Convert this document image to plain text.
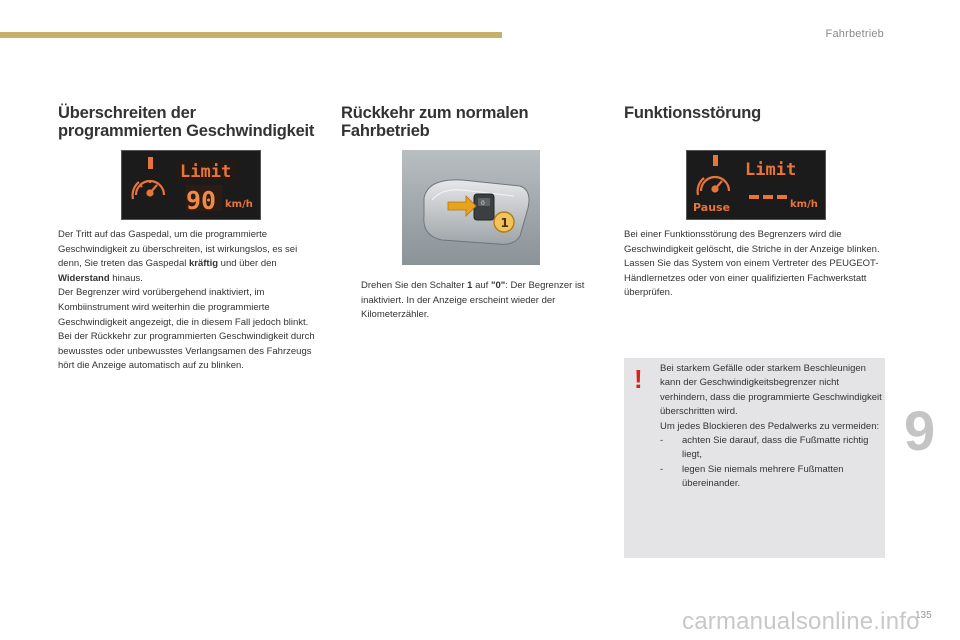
Fahrbetrieb
Überschreiten der
programmierten Geschwindigkeit
Limit
90 km/h
Der Tritt auf das Gaspedal, um die programmierte Geschwindigkeit zu überschreiten, ist wirkungslos, es sei denn, Sie treten das Gaspedal kräftig und über den Widerstand hinaus.
Der Begrenzer wird vorübergehend inaktiviert, im Kombiinstrument wird weiterhin die programmierte Geschwindigkeit angezeigt, die in diesem Fall jedoch blinkt.
Bei der Rückkehr zur programmierten Geschwindigkeit durch bewusstes oder unbewusstes Verlangsamen des Fahrzeugs hört die Anzeige automatisch auf zu blinken.
Rückkehr zum normalen
Fahrbetrieb
0
1
Drehen Sie den Schalter 1 auf "0": Der Begrenzer ist inaktiviert. In der Anzeige erscheint wieder der Kilometerzähler.
Funktionsstörung
Limit
Pause	km/h
Bei einer Funktionsstörung des Begrenzers wird die Geschwindigkeit gelöscht, die Striche in der Anzeige blinken.
Lassen Sie das System von einem Vertreter des PEUGEOT-Händlernetzes oder von einer qualifizierten Fachwerkstatt überprüfen.
! Bei starkem Gefälle oder starkem Beschleunigen kann der Geschwindigkeitsbegrenzer nicht verhindern, dass die programmierte Geschwindigkeit überschritten wird.
Um jedes Blockieren des Pedalwerks zu vermeiden:
-	achten Sie darauf, dass die Fußmatte richtig liegt,
-	legen Sie niemals mehrere Fußmatten übereinander.
9
135
carmanualsonline.info
